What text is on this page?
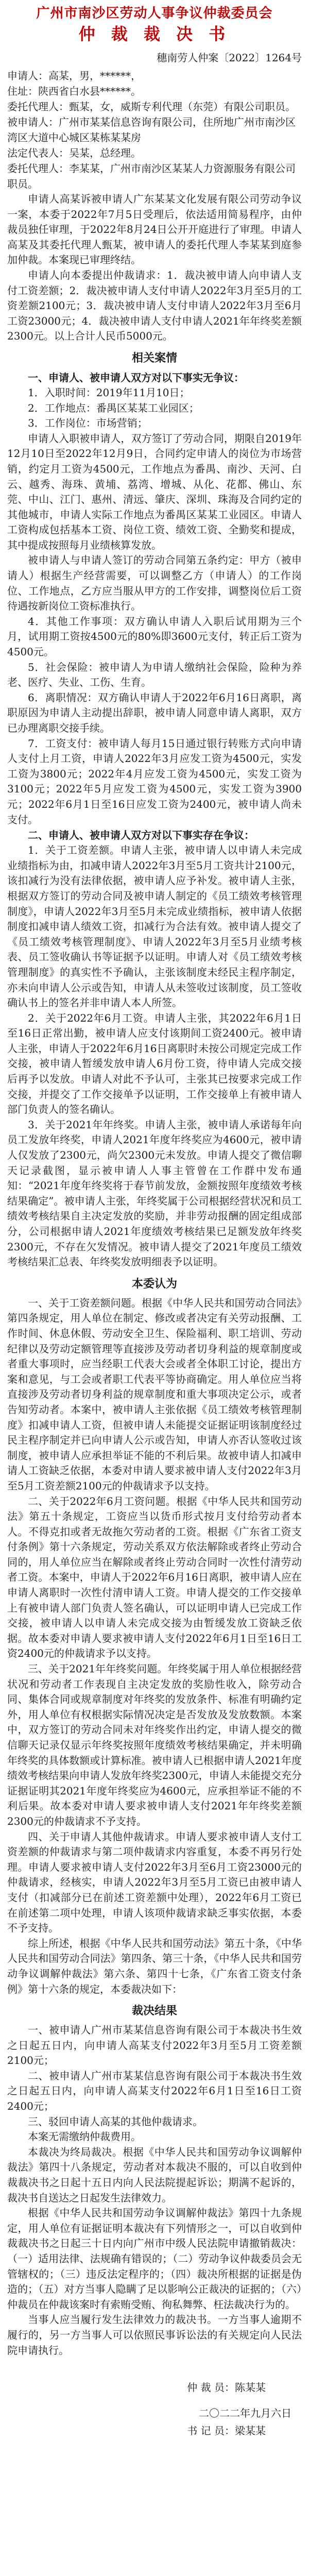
广州市南沙区劳动人事争议仲裁委员会
仲 裁 裁 决 书

穗南劳人仲案〔2022〕1264号

申请人：高某，男，******，

住址：陕西省白水县******。

委托代理人：甄某，女，威斯专利代理（东莞）有限公司职员。

被申请人：广州市某某信息咨询有限公司，住所地广州市南沙区湾区大道中心城区某栋某某房

法定代表人：吴某，总经理。

委托代理人：李某某，广州市南沙区某某人力资源服务有限公司职员。

申请人高某诉被申请人广东某某文化发展有限公司劳动争议一案，本委于2022年7月5日受理后，依法适用简易程序，由仲裁员独任审理，于2022年8月24日公开开庭进行了审理。申请人高某及其委托代理人甄某，被申请人的委托代理人李某某到庭参加仲裁。本案现已审理终结。

申请人向本委提出仲裁请求：1．裁决被申请人向申请人支付工资差额；2．裁决被申请人支付申请人2022年3月至5月的工资差额2100元；3．裁决被申请人支付申请人2022年3月至6月工资23000元；4．裁决被申请人支付申请人2021年年终奖差额2300元。以上合计人民币5000元。

相关案情

一、申请人、被申请人双方对以下事实无争议：

1．入职时间：2019年11月10日；

2．工作地点：番禺区某某工业园区；

3．工作岗位：市场营销；

申请人入职被申请人，双方签订了劳动合同，期限自2019年12月10日至2022年12月9日，合同约定申请人的岗位为市场营销，约定月工资为4500元，工作地点为番禺、南沙、天河、白云、越秀、海珠、黄埔、荔湾、增城、从化、花都、佛山、东莞、中山、江门、惠州、清远、肇庆、深圳、珠海及合同约定的其他城市，申请人实际工作地点为番禺区某某工业园区。申请人工资构成包括基本工资、岗位工资、绩效工资、全勤奖和提成，其中提成按照每月业绩核算发放。

被申请人与申请人签订的劳动合同第五条约定：甲方（被申请人）根据生产经营需要，可以调整乙方（申请人）的工作岗位、工作地点，乙方应当服从甲方的工作安排，调整岗位后工资待遇按新岗位工资标准执行。

4．其他工作事项：双方确认申请人入职后试用期为三个月，试用期工资按4500元的80%即3600元支付，转正后工资为4500元。

5．社会保险：被申请人为申请人缴纳社会保险，险种为养老、医疗、失业、工伤、生育。

6．离职情况：双方确认申请人于2022年6月16日离职，离职原因为申请人主动提出辞职，被申请人同意申请人离职，双方已办理离职交接手续。

7．工资支付：被申请人每月15日通过银行转账方式向申请人支付上月工资，申请人2022年3月应发工资为4500元，实发工资为3800元；2022年4月应发工资为4500元，实发工资为3100元；2022年5月应发工资为4500元，实发工资为3900元；2022年6月1日至16日应发工资为2400元，被申请人尚未支付。

二、申请人、被申请人双方对以下事实存在争议：

1．关于工资差额。申请人主张，被申请人以申请人未完成业绩指标为由，扣减申请人2022年3月至5月工资共计2100元，该扣减行为没有法律依据，被申请人应予补发。被申请人主张，根据双方签订的劳动合同及被申请人制定的《员工绩效考核管理制度》，申请人2022年3月至5月未完成业绩指标，被申请人依据制度扣减申请人绩效工资，扣减行为合法有效。被申请人提交了《员工绩效考核管理制度》、申请人2022年3月至5月业绩考核表、员工签收确认书等证据予以证明。申请人对《员工绩效考核管理制度》的真实性不予确认，主张该制度未经民主程序制定，亦未向申请人公示或告知，申请人从未签收过该制度，员工签收确认书上的签名并非申请人本人所签。

2．关于2022年6月工资。申请人主张，其2022年6月1日至16日正常出勤，被申请人应支付该期间工资2400元。被申请人主张，申请人于2022年6月16日离职时未按公司规定完成工作交接，被申请人暂缓发放申请人6月份工资，待申请人完成交接后再予以发放。申请人对此不予认可，主张其已按要求完成工作交接，并提交了工作交接单予以证明，工作交接单上有被申请人部门负责人的签名确认。

3．关于2021年年终奖。申请人主张，被申请人承诺每年向员工发放年终奖，申请人2021年度年终奖应为4600元，被申请人仅发放了2300元，尚欠2300元未发放。申请人提交了微信聊天记录截图，显示被申请人人事主管曾在工作群中发布通知：“2021年度年终奖将于春节前发放，金额按照年度绩效考核结果确定”。被申请人主张，年终奖属于公司根据经营状况和员工绩效考核结果自主决定发放的奖励，并非劳动报酬的固定组成部分，公司根据申请人2021年度绩效考核结果已足额发放年终奖2300元，不存在欠发情况。被申请人提交了2021年度员工绩效考核结果汇总表、年终奖发放明细表予以证明。

本委认为

一、关于工资差额问题。根据《中华人民共和国劳动合同法》第四条规定，用人单位在制定、修改或者决定有关劳动报酬、工作时间、休息休假、劳动安全卫生、保险福利、职工培训、劳动纪律以及劳动定额管理等直接涉及劳动者切身利益的规章制度或者重大事项时，应当经职工代表大会或者全体职工讨论，提出方案和意见，与工会或者职工代表平等协商确定。用人单位应当将直接涉及劳动者切身利益的规章制度和重大事项决定公示，或者告知劳动者。本案中，被申请人主张依据《员工绩效考核管理制度》扣减申请人工资，但被申请人未能提交证据证明该制度经过民主程序制定并已向申请人公示或告知，申请人亦否认签收过该制度，被申请人应承担举证不能的不利后果。故被申请人扣减申请人工资缺乏依据，本委对申请人要求被申请人支付2022年3月至5月工资差额2100元的仲裁请求予以支持。

二、关于2022年6月工资问题。根据《中华人民共和国劳动法》第五十条规定，工资应当以货币形式按月支付给劳动者本人。不得克扣或者无故拖欠劳动者的工资。根据《广东省工资支付条例》第十六条规定，劳动关系双方依法解除或者终止劳动合同的，用人单位应当在解除或者终止劳动合同时一次性付清劳动者工资。本案中，申请人于2022年6月16日离职，被申请人应在申请人离职时一次性付清申请人工资。申请人提交的工作交接单上有被申请人部门负责人签名确认，可以证明申请人已完成工作交接，被申请人以申请人未完成交接为由暂缓发放工资缺乏依据。故本委对申请人要求被申请人支付2022年6月1日至16日工资2400元的仲裁请求予以支持。

三、关于2021年年终奖问题。年终奖属于用人单位根据经营状况和劳动者工作表现自主决定发放的奖励性收入，除劳动合同、集体合同或规章制度对年终奖的发放条件、标准有明确约定外，用人单位有权根据实际情况决定是否发放及发放数额。本案中，双方签订的劳动合同未对年终奖作出约定，申请人提交的微信聊天记录仅显示年终奖按照年度绩效考核结果确定，并未明确年终奖的具体数额或计算标准。被申请人已根据申请人2021年度绩效考核结果向申请人发放年终奖2300元，申请人未能提交充分证据证明其2021年度年终奖应为4600元，应承担举证不能的不利后果。故本委对申请人要求被申请人支付2021年年终奖差额2300元的仲裁请求不予支持。

四、关于申请人其他仲裁请求。申请人要求被申请人支付工资差额的仲裁请求与第二项仲裁请求内容重复，本委不再另行处理。申请人要求被申请人支付2022年3月至6月工资23000元的仲裁请求，经核实，申请人2022年3月至5月工资已由被申请人支付（扣减部分已在前述工资差额中处理），2022年6月工资已在前述第二项中处理，申请人该项仲裁请求缺乏事实依据，本委不予支持。

综上所述，根据《中华人民共和国劳动法》第五十条，《中华人民共和国劳动合同法》第四条、第三十条，《中华人民共和国劳动争议调解仲裁法》第六条、第四十七条，《广东省工资支付条例》第十六条的规定，本委裁决如下：

裁决结果

一、被申请人广州市某某信息咨询有限公司于本裁决书生效之日起五日内，向申请人高某支付2022年3月至5月工资差额2100元；

二、被申请人广州市某某信息咨询有限公司于本裁决书生效之日起五日内，向申请人高某支付2022年6月1日至16日工资2400元；

三、驳回申请人高某的其他仲裁请求。

本案无需缴纳仲裁费用。

本裁决为终局裁决。根据《中华人民共和国劳动争议调解仲裁法》第四十八条规定，劳动者对本裁决不服的，可以自收到仲裁裁决书之日起十五日内向人民法院提起诉讼；期满不起诉的，裁决书自送达之日起发生法律效力。

根据《中华人民共和国劳动争议调解仲裁法》第四十九条规定，用人单位有证据证明本裁决有下列情形之一，可以自收到仲裁裁决书之日起三十日内向广州市中级人民法院申请撤销裁决：（一）适用法律、法规确有错误的；（二）劳动争议仲裁委员会无管辖权的；（三）违反法定程序的；（四）裁决所根据的证据是伪造的；（五）对方当事人隐瞒了足以影响公正裁决的证据的；（六）仲裁员在仲裁该案时有索贿受贿、徇私舞弊、枉法裁决行为的。

当事人应当履行发生法律效力的裁决书。一方当事人逾期不履行的，另一方当事人可以依照民事诉讼法的有关规定向人民法院申请执行。

仲 裁 员：陈某某
二〇二二年九月六日
书 记 员：梁某某
